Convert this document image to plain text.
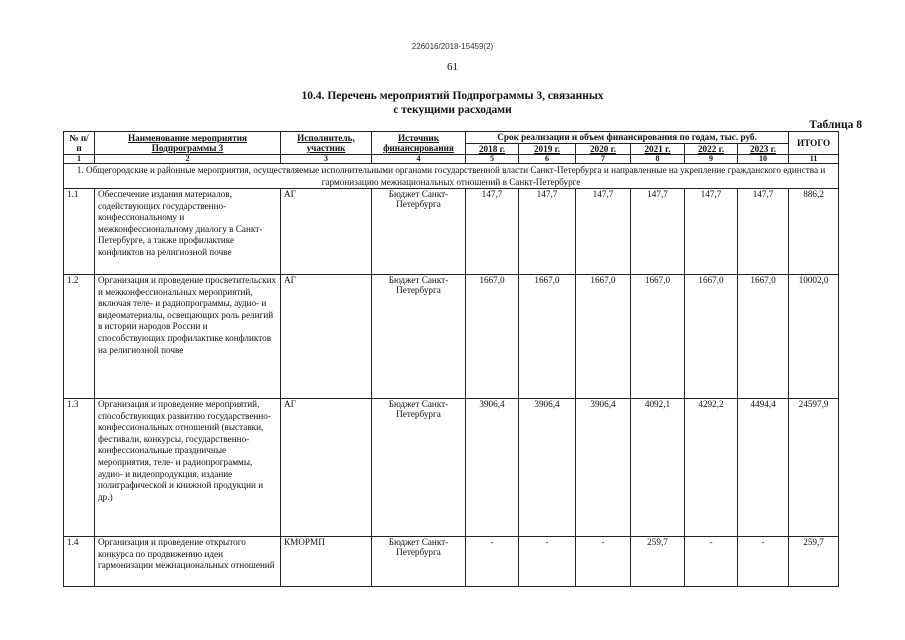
226016/2018-15459(2)
61
10.4. Перечень мероприятий Подпрограммы 3, связанных
с текущими расходами
Таблица 8
№ п/п	Наименование мероприятия Подпрограммы 3	Исполнитель, участник	Источник финансирования	Срок реализации и объем финансирования по годам, тыс. руб.						ИТОГО
				2018 г.	2019 г.	2020 г.	2021 г.	2022 г.	2023 г.	
1	2	3	4	5	6	7	8	9	10	11
1. Общегородские и районные мероприятия, осуществляемые исполнительными органами государственной власти Санкт-Петербурга и направленные на укрепление гражданского единства и гармонизацию межнациональных отношений в Санкт-Петербурге										
1.1	Обеспечение издания материалов, содействующих государственно-конфессиональному и межконфессиональному диалогу в Санкт-Петербурге, а также профилактике конфликтов на религиозной почве	АГ	Бюджет Санкт-Петербурга	147,7	147,7	147,7	147,7	147,7	147,7	886,2
1.2	Организация и проведение просветительских и межконфессиональных мероприятий, включая теле- и радиопрограммы, аудио- и видеоматериалы, освещающих роль религий в истории народов России и способствующих профилактике конфликтов на религиозной почве	АГ	Бюджет Санкт-Петербурга	1667,0	1667,0	1667,0	1667,0	1667,0	1667,0	10002,0
1.3	Организация и проведение мероприятий, способствующих развитию государственно-конфессиональных отношений (выставки, фестивали, конкурсы, государственно-конфессиональные праздничные мероприятия, теле- и радиопрограммы, аудио- и видеопродукция, издание полиграфической и книжной продукции и др.)	АГ	Бюджет Санкт-Петербурга	3906,4	3906,4	3906,4	4092,1	4292,2	4494,4	24597,9
1.4	Организация и проведение открытого конкурса по продвижению идеи гармонизации межнациональных отношений	КМОРМП	Бюджет Санкт-Петербурга	-	-	-	259,7	-	-	259,7
